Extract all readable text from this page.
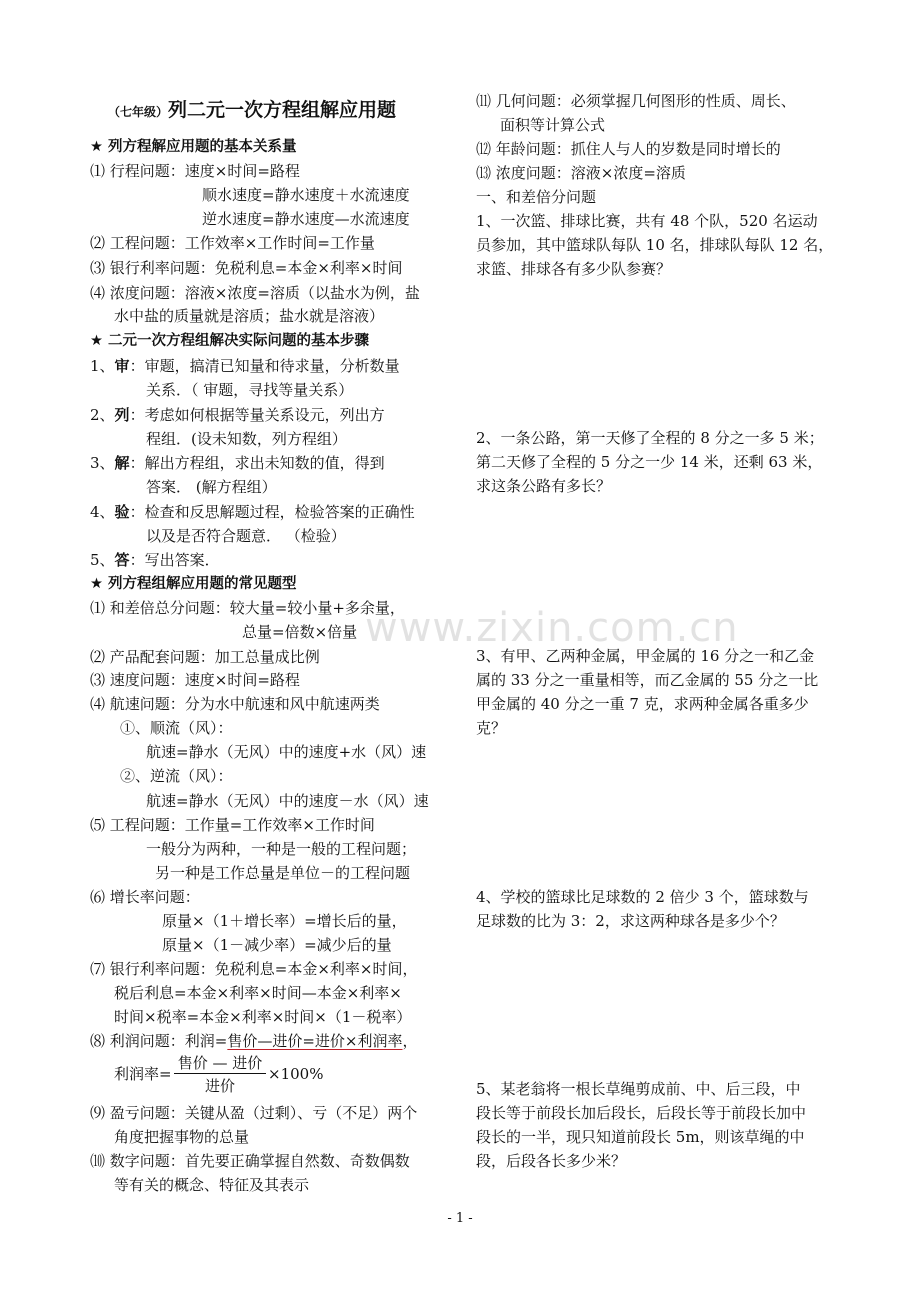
（七年级）列二元一次方程组解应用题
★ 列方程解应用题的基本关系量
⑴ 行程问题：速度×时间=路程
顺水速度=静水速度＋水流速度
逆水速度=静水速度—水流速度
⑵ 工程问题：工作效率×工作时间=工作量
⑶ 银行利率问题：免税利息=本金×利率×时间
⑷ 浓度问题：溶液×浓度=溶质（以盐水为例，盐
水中盐的质量就是溶质；盐水就是溶液）
★ 二元一次方程组解决实际问题的基本步骤
1、审：审题，搞清已知量和待求量，分析数量
关系．（ 审题，寻找等量关系）
2、列：考虑如何根据等量关系设元，列出方
程组．(设未知数，列方程组）
3、解：解出方程组，求出未知数的值，得到
答案． (解方程组）
4、验：检查和反思解题过程，检验答案的正确性
以及是否符合题意． （检验）
5、答：写出答案．
★ 列方程组解应用题的常见题型
⑴ 和差倍总分问题：较大量=较小量+多余量，
总量=倍数×倍量
⑵ 产品配套问题：加工总量成比例
⑶ 速度问题：速度×时间=路程
⑷ 航速问题：分为水中航速和风中航速两类
①、顺流（风）：
航速=静水（无风）中的速度+水（风）速
②、逆流（风）：
航速=静水（无风）中的速度－水（风）速
⑸ 工程问题：工作量=工作效率×工作时间
一般分为两种，一种是一般的工程问题；
另一种是工作总量是单位－的工程问题
⑹ 增长率问题：
原量×（1＋增长率）=增长后的量，
原量×（1－减少率）=减少后的量
⑺ 银行利率问题：免税利息=本金×利率×时间，
税后利息=本金×利率×时间—本金×利率×
时间×税率=本金×利率×时间×（1－税率）
⑻ 利润问题：利润=售价—进价=进价×利润率，
利润率=
售价 — 进价
进价
×100%
⑼ 盈亏问题：关键从盈（过剩）、亏（不足）两个
角度把握事物的总量
⑽ 数字问题：首先要正确掌握自然数、奇数偶数
等有关的概念、特征及其表示
⑾ 几何问题：必须掌握几何图形的性质、周长、
面积等计算公式
⑿ 年龄问题：抓住人与人的岁数是同时增长的
⒀ 浓度问题：溶液×浓度=溶质
一、和差倍分问题
1、一次篮、排球比赛，共有 48 个队，520 名运动
员参加，其中篮球队每队 10 名，排球队每队 12 名，
求篮、排球各有多少队参赛？
2、一条公路，第一天修了全程的 8 分之一多 5 米；
第二天修了全程的 5 分之一少 14 米，还剩 63 米，
求这条公路有多长？
3、有甲、乙两种金属，甲金属的 16 分之一和乙金
属的 33 分之一重量相等，而乙金属的 55 分之一比
甲金属的 40 分之一重 7 克，求两种金属各重多少
克？
4、学校的篮球比足球数的 2 倍少 3 个，篮球数与
足球数的比为 3：2，求这两种球各是多少个？
5、某老翁将一根长草绳剪成前、中、后三段，中
段长等于前段长加后段长，后段长等于前段长加中
段长的一半，现只知道前段长 5m，则该草绳的中
段，后段各长多少米？
www.zixin.com.cn
- 1 -
